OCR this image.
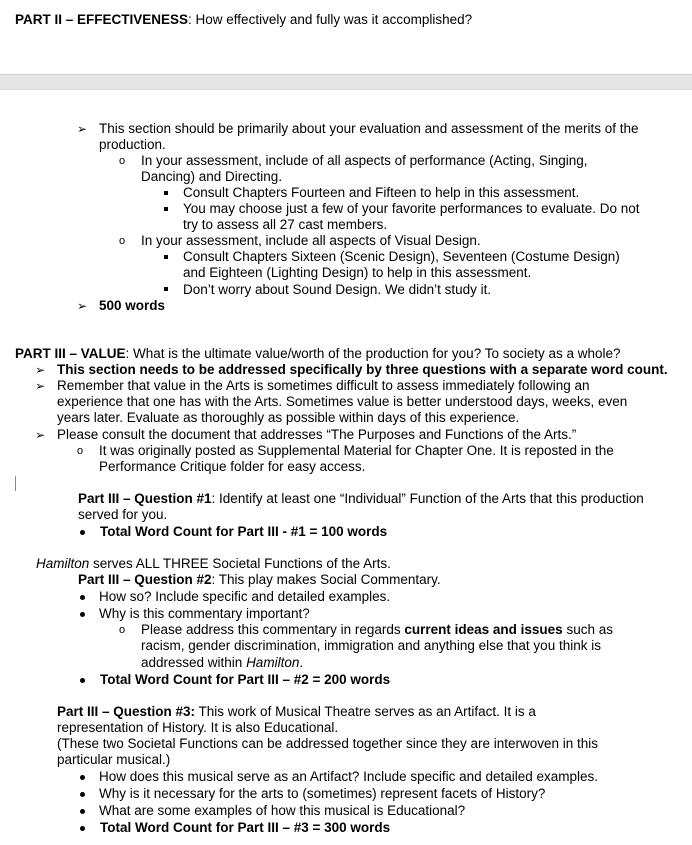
PART II – EFFECTIVENESS: How effectively and fully was it accomplished?
➢ This section should be primarily about your evaluation and assessment of the merits of the
production.
o In your assessment, include of all aspects of performance (Acting, Singing,
Dancing) and Directing.
Consult Chapters Fourteen and Fifteen to help in this assessment.
You may choose just a few of your favorite performances to evaluate. Do not
try to assess all 27 cast members.
o In your assessment, include all aspects of Visual Design.
Consult Chapters Sixteen (Scenic Design), Seventeen (Costume Design)
and Eighteen (Lighting Design) to help in this assessment.
Don’t worry about Sound Design. We didn’t study it.
➢ 500 words
PART III – VALUE: What is the ultimate value/worth of the production for you? To society as a whole?
➢ This section needs to be addressed specifically by three questions with a separate word count.
➢ Remember that value in the Arts is sometimes difficult to assess immediately following an
experience that one has with the Arts. Sometimes value is better understood days, weeks, even
years later. Evaluate as thoroughly as possible within days of this experience.
➢ Please consult the document that addresses “The Purposes and Functions of the Arts.”
o It was originally posted as Supplemental Material for Chapter One. It is reposted in the
Performance Critique folder for easy access.
Part III – Question #1: Identify at least one “Individual” Function of the Arts that this production
served for you.
Total Word Count for Part III - #1 = 100 words
Hamilton serves ALL THREE Societal Functions of the Arts.
Part III – Question #2: This play makes Social Commentary.
How so? Include specific and detailed examples.
Why is this commentary important?
o Please address this commentary in regards current ideas and issues such as
racism, gender discrimination, immigration and anything else that you think is
addressed within Hamilton.
Total Word Count for Part III – #2 = 200 words
Part III – Question #3: This work of Musical Theatre serves as an Artifact. It is a
representation of History. It is also Educational.
(These two Societal Functions can be addressed together since they are interwoven in this
particular musical.)
How does this musical serve as an Artifact? Include specific and detailed examples.
Why is it necessary for the arts to (sometimes) represent facets of History?
What are some examples of how this musical is Educational?
Total Word Count for Part III – #3 = 300 words
